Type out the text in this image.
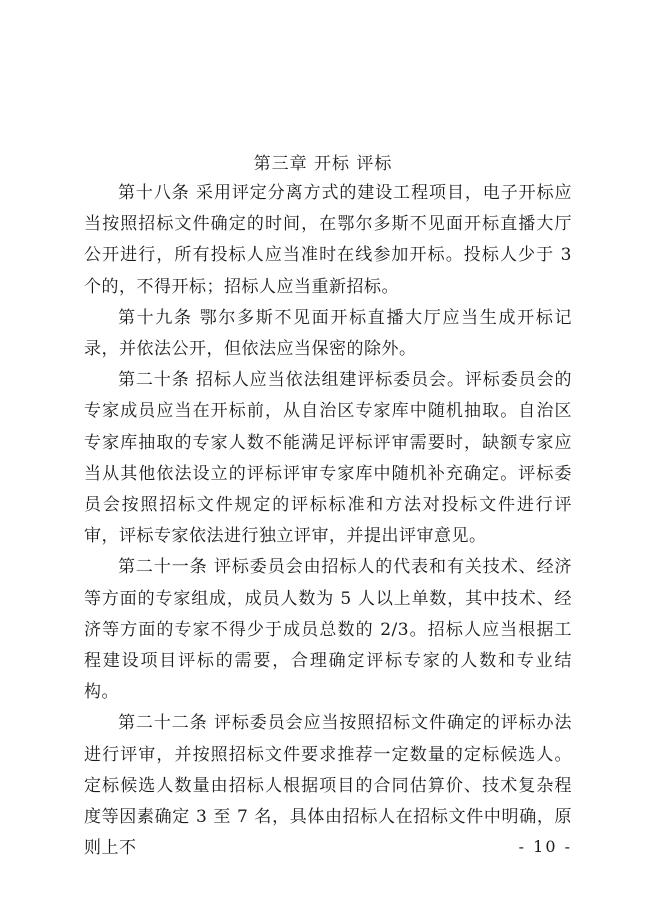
第三章 开标 评标

第十八条 采用评定分离方式的建设工程项目，电子开标应当按照招标文件确定的时间，在鄂尔多斯不见面开标直播大厅公开进行，所有投标人应当准时在线参加开标。投标人少于 3 个的，不得开标；招标人应当重新招标。

第十九条 鄂尔多斯不见面开标直播大厅应当生成开标记录，并依法公开，但依法应当保密的除外。

第二十条 招标人应当依法组建评标委员会。评标委员会的专家成员应当在开标前，从自治区专家库中随机抽取。自治区专家库抽取的专家人数不能满足评标评审需要时，缺额专家应当从其他依法设立的评标评审专家库中随机补充确定。评标委员会按照招标文件规定的评标标准和方法对投标文件进行评审，评标专家依法进行独立评审，并提出评审意见。

第二十一条 评标委员会由招标人的代表和有关技术、经济等方面的专家组成，成员人数为 5 人以上单数，其中技术、经济等方面的专家不得少于成员总数的 2/3。招标人应当根据工程建设项目评标的需要，合理确定评标专家的人数和专业结构。

第二十二条 评标委员会应当按照招标文件确定的评标办法进行评审，并按照招标文件要求推荐一定数量的定标候选人。定标候选人数量由招标人根据项目的合同估算价、技术复杂程度等因素确定 3 至 7 名，具体由招标人在招标文件中明确，原则上不	- 10 -
